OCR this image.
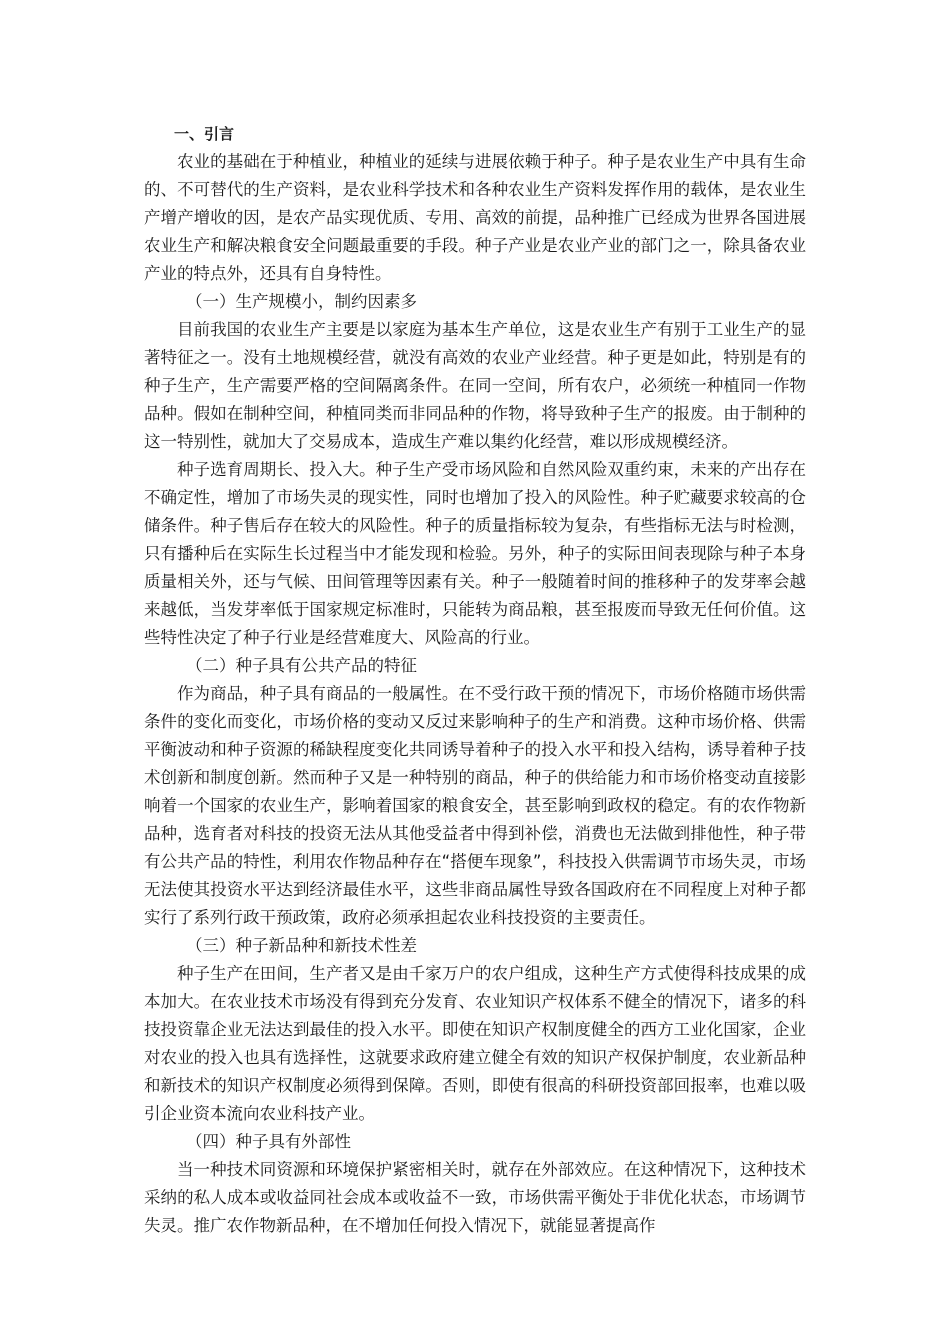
一、引言

农业的基础在于种植业，种植业的延续与进展依赖于种子。种子是农业生产中具有生命的、不可替代的生产资料，是农业科学技术和各种农业生产资料发挥作用的载体，是农业生产增产增收的因，是农产品实现优质、专用、高效的前提，品种推广已经成为世界各国进展农业生产和解决粮食安全问题最重要的手段。种子产业是农业产业的部门之一，除具备农业产业的特点外，还具有自身特性。

（一）生产规模小，制约因素多

目前我国的农业生产主要是以家庭为基本生产单位，这是农业生产有别于工业生产的显著特征之一。没有土地规模经营，就没有高效的农业产业经营。种子更是如此，特别是有的种子生产，生产需要严格的空间隔离条件。在同一空间，所有农户，必须统一种植同一作物品种。假如在制种空间，种植同类而非同品种的作物，将导致种子生产的报废。由于制种的这一特别性，就加大了交易成本，造成生产难以集约化经营，难以形成规模经济。

种子选育周期长、投入大。种子生产受市场风险和自然风险双重约束，未来的产出存在不确定性，增加了市场失灵的现实性，同时也增加了投入的风险性。种子贮藏要求较高的仓储条件。种子售后存在较大的风险性。种子的质量指标较为复杂，有些指标无法与时检测，只有播种后在实际生长过程当中才能发现和检验。另外，种子的实际田间表现除与种子本身质量相关外，还与气候、田间管理等因素有关。种子一般随着时间的推移种子的发芽率会越来越低，当发芽率低于国家规定标准时，只能转为商品粮，甚至报废而导致无任何价值。这些特性决定了种子行业是经营难度大、风险高的行业。

（二）种子具有公共产品的特征

作为商品，种子具有商品的一般属性。在不受行政干预的情况下，市场价格随市场供需条件的变化而变化，市场价格的变动又反过来影响种子的生产和消费。这种市场价格、供需平衡波动和种子资源的稀缺程度变化共同诱导着种子的投入水平和投入结构，诱导着种子技术创新和制度创新。然而种子又是一种特别的商品，种子的供给能力和市场价格变动直接影响着一个国家的农业生产，影响着国家的粮食安全，甚至影响到政权的稳定。有的农作物新品种，选育者对科技的投资无法从其他受益者中得到补偿，消费也无法做到排他性，种子带有公共产品的特性，利用农作物品种存在“搭便车现象”，科技投入供需调节市场失灵，市场无法使其投资水平达到经济最佳水平，这些非商品属性导致各国政府在不同程度上对种子都实行了系列行政干预政策，政府必须承担起农业科技投资的主要责任。

（三）种子新品种和新技术性差

种子生产在田间，生产者又是由千家万户的农户组成，这种生产方式使得科技成果的成本加大。在农业技术市场没有得到充分发育、农业知识产权体系不健全的情况下，诸多的科技投资靠企业无法达到最佳的投入水平。即使在知识产权制度健全的西方工业化国家，企业对农业的投入也具有选择性，这就要求政府建立健全有效的知识产权保护制度，农业新品种和新技术的知识产权制度必须得到保障。否则，即使有很高的科研投资部回报率，也难以吸引企业资本流向农业科技产业。

（四）种子具有外部性

当一种技术同资源和环境保护紧密相关时，就存在外部效应。在这种情况下，这种技术采纳的私人成本或收益同社会成本或收益不一致，市场供需平衡处于非优化状态，市场调节失灵。推广农作物新品种，在不增加任何投入情况下，就能显著提高作
